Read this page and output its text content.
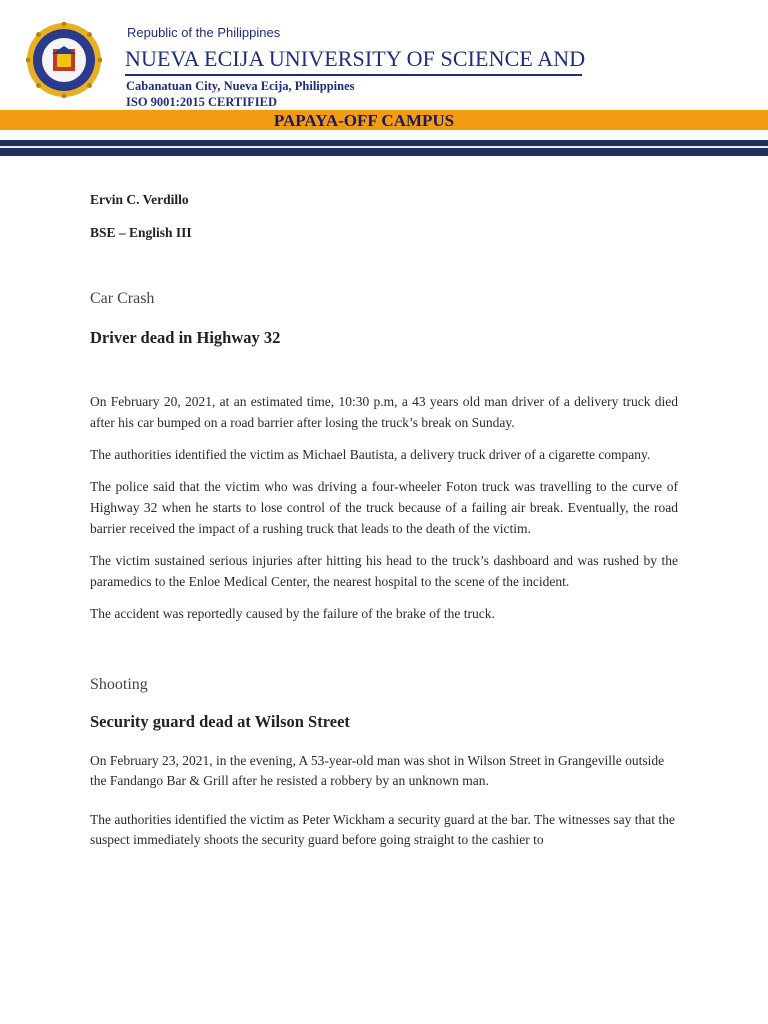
Republic of the Philippines
NUEVA ECIJA UNIVERSITY OF SCIENCE AND
Cabanatuan City, Nueva Ecija, Philippines
ISO 9001:2015 CERTIFIED
PAPAYA-OFF CAMPUS

Ervin C. Verdillo

BSE – English III

Car Crash

Driver dead in Highway 32

On February 20, 2021, at an estimated time, 10:30 p.m, a 43 years old man driver of a delivery truck died after his car bumped on a road barrier after losing the truck’s break on Sunday.

The authorities identified the victim as Michael Bautista, a delivery truck driver of a cigarette company.

The police said that the victim who was driving a four-wheeler Foton truck was travelling to the curve of Highway 32 when he starts to lose control of the truck because of a failing air break. Eventually, the road barrier received the impact of a rushing truck that leads to the death of the victim.

The victim sustained serious injuries after hitting his head to the truck’s dashboard and was rushed by the paramedics to the Enloe Medical Center, the nearest hospital to the scene of the incident.

The accident was reportedly caused by the failure of the brake of the truck.

Shooting

Security guard dead at Wilson Street

On February 23, 2021, in the evening, A 53-year-old man was shot in Wilson Street in Grangeville outside the Fandango Bar & Grill after he resisted a robbery by an unknown man.

The authorities identified the victim as Peter Wickham a security guard at the bar. The witnesses say that the suspect immediately shoots the security guard before going straight to the cashier to
